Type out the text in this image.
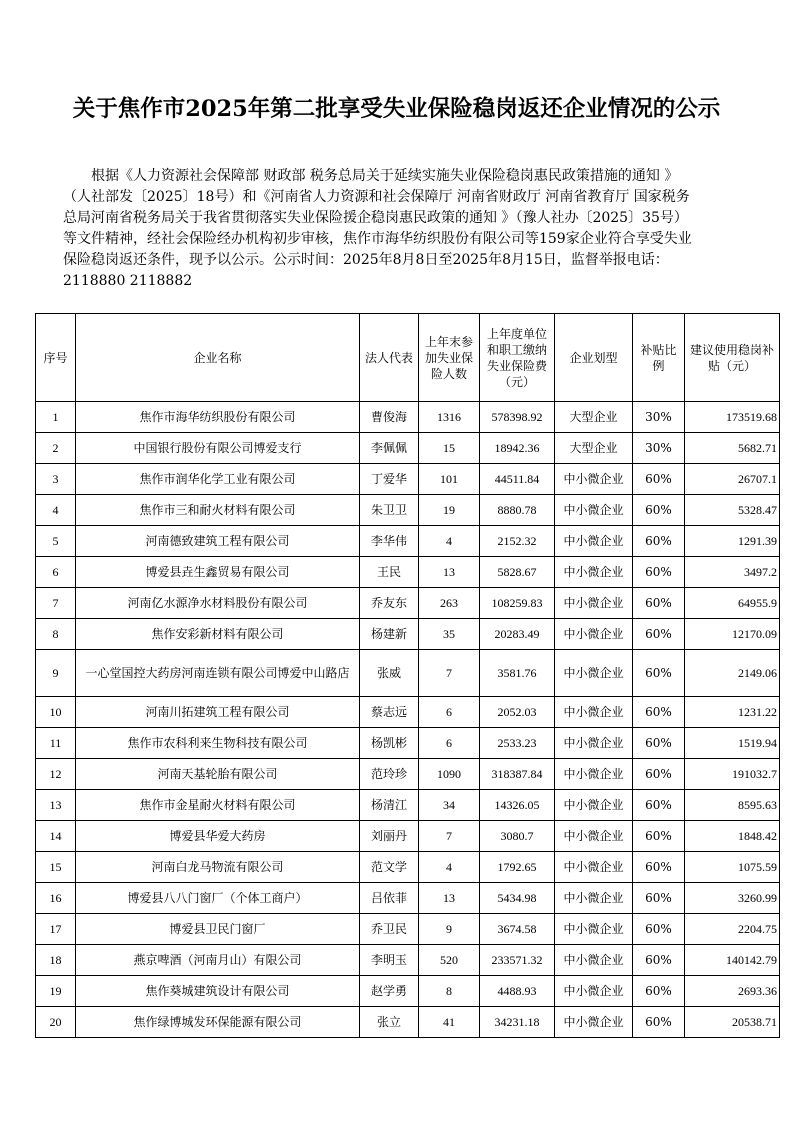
关于焦作市2025年第二批享受失业保险稳岗返还企业情况的公示
根据《人力资源社会保障部 财政部 税务总局关于延续实施失业保险稳岗惠民政策措施的通知 》
（人社部发〔2025〕18号）和《河南省人力资源和社会保障厅 河南省财政厅 河南省教育厅 国家税务
总局河南省税务局关于我省贯彻落实失业保险援企稳岗惠民政策的通知 》（豫人社办〔2025〕35号）
等文件精神，经社会保险经办机构初步审核，焦作市海华纺织股份有限公司等159家企业符合享受失业
保险稳岗返还条件，现予以公示。公示时间：2025年8月8日至2025年8月15日，监督举报电话：
2118880 2118882
序号	企业名称	法人代表	上年末参加失业保险人数	上年度单位和职工缴纳失业保险费（元）	企业划型	补贴比例	建议使用稳岗补贴（元）
1	焦作市海华纺织股份有限公司	曹俊海	1316	578398.92	大型企业	30%	173519.68
2	中国银行股份有限公司博爱支行	李佩佩	15	18942.36	大型企业	30%	5682.71
3	焦作市润华化学工业有限公司	丁爱华	101	44511.84	中小微企业	60%	26707.1
4	焦作市三和耐火材料有限公司	朱卫卫	19	8880.78	中小微企业	60%	5328.47
5	河南德致建筑工程有限公司	李华伟	4	2152.32	中小微企业	60%	1291.39
6	博爱县垚生鑫贸易有限公司	王民	13	5828.67	中小微企业	60%	3497.2
7	河南亿水源净水材料股份有限公司	乔友东	263	108259.83	中小微企业	60%	64955.9
8	焦作安彩新材料有限公司	杨建新	35	20283.49	中小微企业	60%	12170.09
9	一心堂国控大药房河南连锁有限公司博爱中山路店	张威	7	3581.76	中小微企业	60%	2149.06
10	河南川拓建筑工程有限公司	蔡志远	6	2052.03	中小微企业	60%	1231.22
11	焦作市农科利来生物科技有限公司	杨凯彬	6	2533.23	中小微企业	60%	1519.94
12	河南天基轮胎有限公司	范玲珍	1090	318387.84	中小微企业	60%	191032.7
13	焦作市金星耐火材料有限公司	杨清江	34	14326.05	中小微企业	60%	8595.63
14	博爱县华爱大药房	刘丽丹	7	3080.7	中小微企业	60%	1848.42
15	河南白龙马物流有限公司	范文学	4	1792.65	中小微企业	60%	1075.59
16	博爱县八八门窗厂（个体工商户）	吕依菲	13	5434.98	中小微企业	60%	3260.99
17	博爱县卫民门窗厂	乔卫民	9	3674.58	中小微企业	60%	2204.75
18	燕京啤酒（河南月山）有限公司	李明玉	520	233571.32	中小微企业	60%	140142.79
19	焦作葵城建筑设计有限公司	赵学勇	8	4488.93	中小微企业	60%	2693.36
20	焦作绿博城发环保能源有限公司	张立	41	34231.18	中小微企业	60%	20538.71
